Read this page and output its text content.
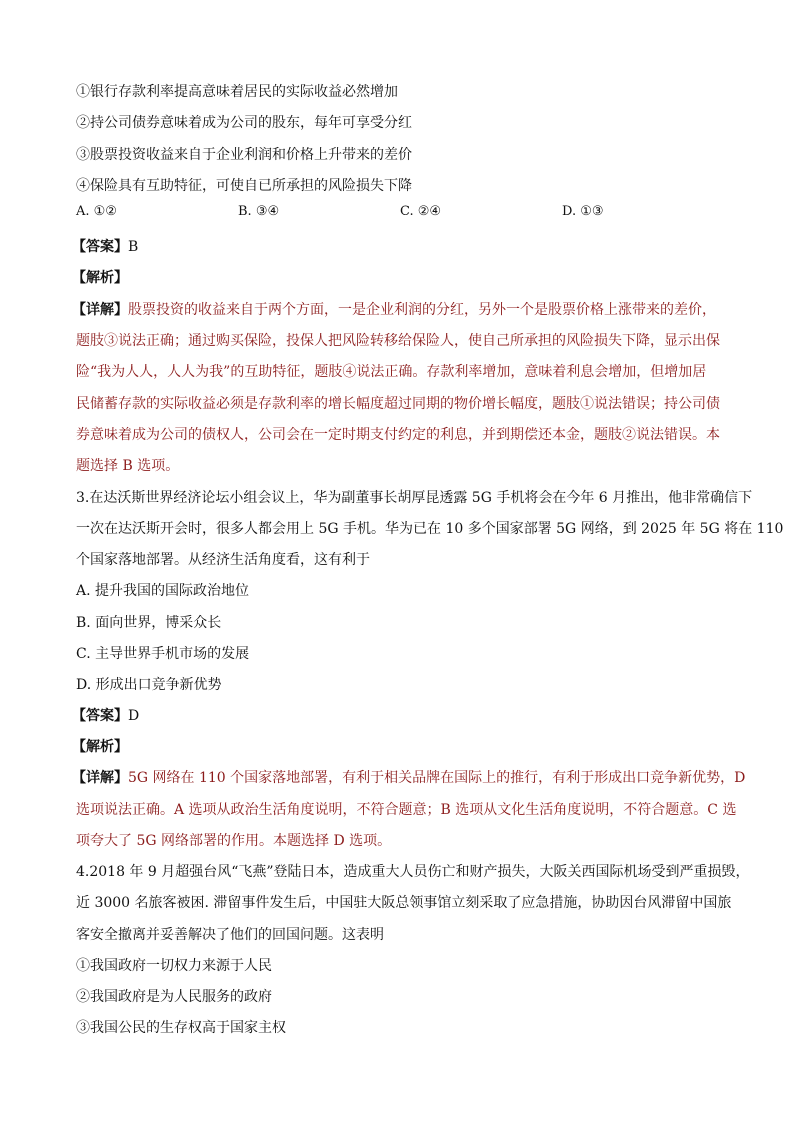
①银行存款利率提高意味着居民的实际收益必然增加
②持公司债券意味着成为公司的股东，每年可享受分红
③股票投资收益来自于企业利润和价格上升带来的差价
④保险具有互助特征，可使自已所承担的风险损失下降
A. ①②	B. ③④	C. ②④	D. ①③
【答案】B
【解析】
【详解】股票投资的收益来自于两个方面，一是企业利润的分红，另外一个是股票价格上涨带来的差价，
题肢③说法正确；通过购买保险，投保人把风险转移给保险人，使自己所承担的风险损失下降，显示出保
险“我为人人，人人为我”的互助特征，题肢④说法正确。存款利率增加，意味着利息会增加，但增加居
民储蓄存款的实际收益必须是存款利率的增长幅度超过同期的物价增长幅度，题肢①说法错误；持公司债
券意味着成为公司的债权人，公司会在一定时期支付约定的利息，并到期偿还本金，题肢②说法错误。本
题选择 B 选项。
3.在达沃斯世界经济论坛小组会议上，华为副董事长胡厚昆透露 5G 手机将会在今年 6 月推出，他非常确信下
一次在达沃斯开会时，很多人都会用上 5G 手机。华为已在 10 多个国家部署 5G 网络，到 2025 年 5G 将在 110
个国家落地部署。从经济生活角度看，这有利于
A. 提升我国的国际政治地位
B. 面向世界，博采众长
C. 主导世界手机市场的发展
D. 形成出口竞争新优势
【答案】D
【解析】
【详解】5G 网络在 110 个国家落地部署，有利于相关品牌在国际上的推行，有利于形成出口竞争新优势，D
选项说法正确。A 选项从政治生活角度说明，不符合题意；B 选项从文化生活角度说明，不符合题意。C 选
项夸大了 5G 网络部署的作用。本题选择 D 选项。
4.2018 年 9 月超强台风“飞燕”登陆日本，造成重大人员伤亡和财产损失，大阪关西国际机场受到严重损毁，
近 3000 名旅客被困. 滞留事件发生后，中国驻大阪总领事馆立刻采取了应急措施，协助因台风滞留中国旅
客安全撤离并妥善解决了他们的回国问题。这表明
①我国政府一切权力来源于人民
②我国政府是为人民服务的政府
③我国公民的生存权高于国家主权
